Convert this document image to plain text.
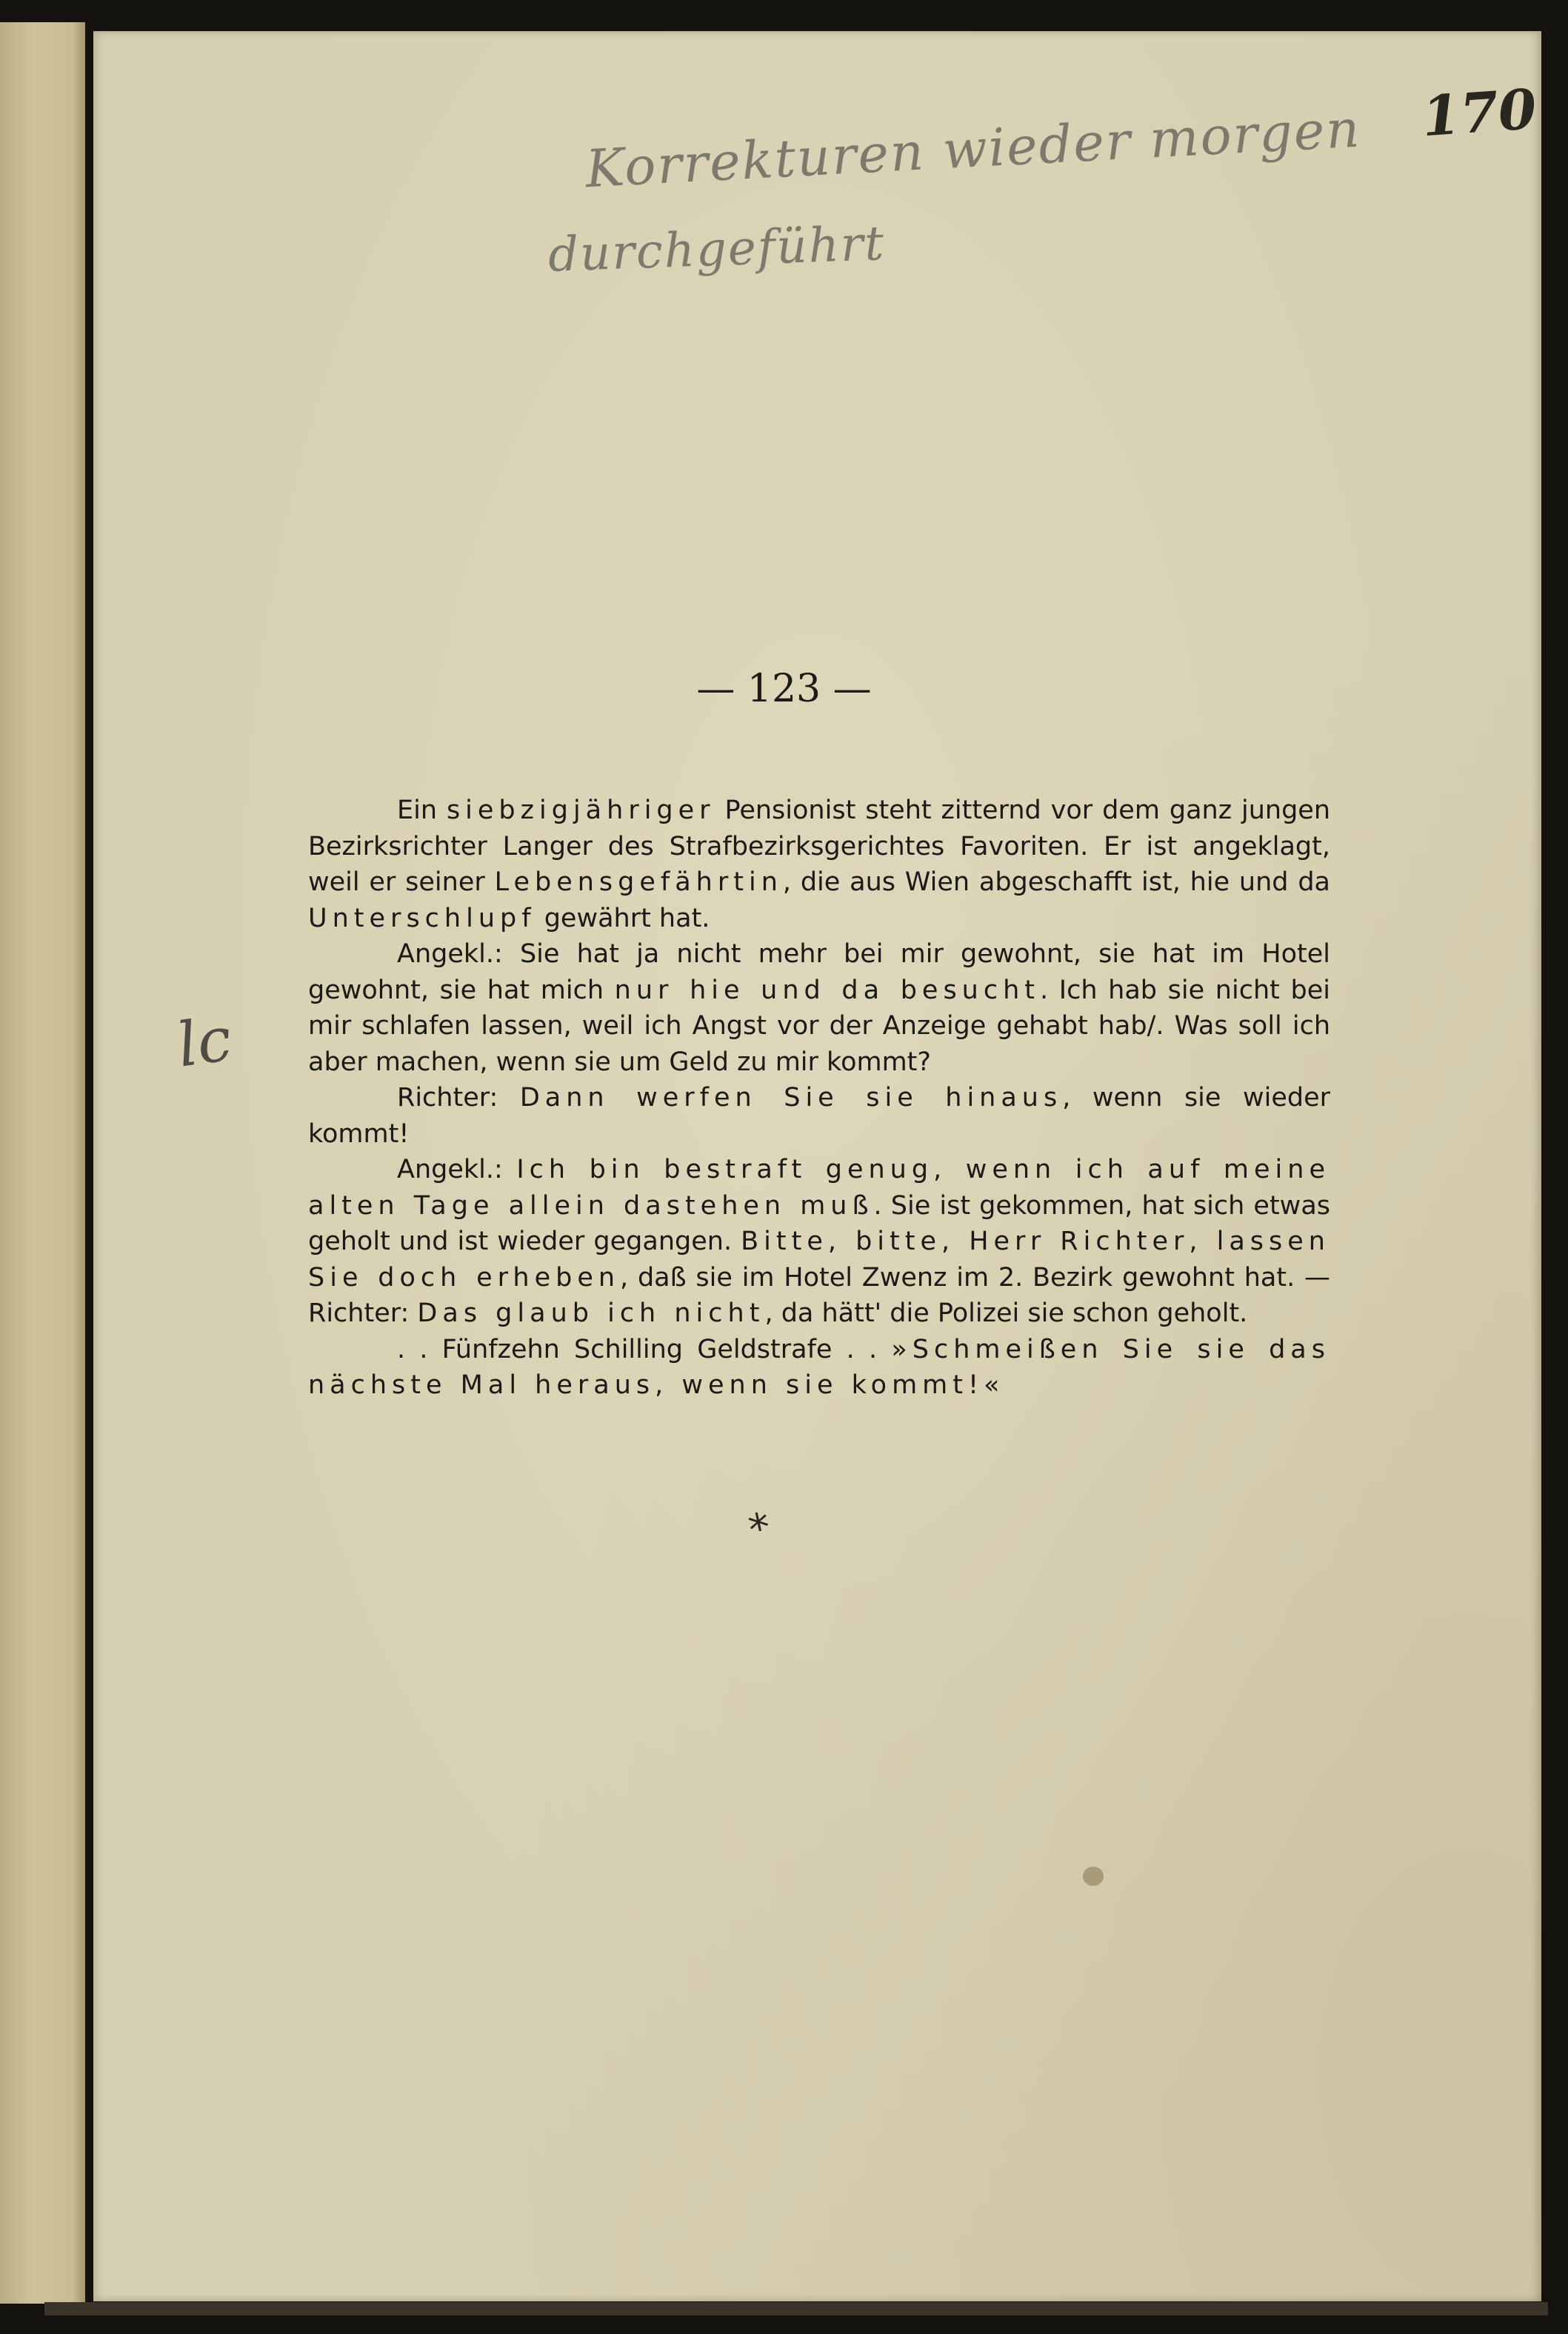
170
Korrekturen wieder morgen
durchgeführt
lc
— 123 —

Ein siebzigjähriger Pensionist steht zitternd vor dem ganz jungen Bezirksrichter Langer des Strafbezirksgerichtes Favoriten. Er ist angeklagt, weil er seiner Lebensgefährtin, die aus Wien abgeschafft ist, hie und da Unterschlupf gewährt hat.

Angekl.: Sie hat ja nicht mehr bei mir gewohnt, sie hat im Hotel gewohnt, sie hat mich nur hie und da besucht. Ich hab sie nicht bei mir schlafen lassen, weil ich Angst vor der Anzeige gehabt hab/. Was soll ich aber machen, wenn sie um Geld zu mir kommt?

Richter: Dann werfen Sie sie hinaus, wenn sie wieder kommt!

Angekl.: Ich bin bestraft genug, wenn ich auf meine alten Tage allein dastehen muß. Sie ist gekommen, hat sich etwas geholt und ist wieder gegangen. Bitte, bitte, Herr Richter, lassen Sie doch erheben, daß sie im Hotel Zwenz im 2. Bezirk gewohnt hat. — Richter: Das glaub ich nicht, da hätt' die Polizei sie schon geholt.

. . Fünfzehn Schilling Geldstrafe . . »Schmeißen Sie sie das nächste Mal heraus, wenn sie kommt!«

*
